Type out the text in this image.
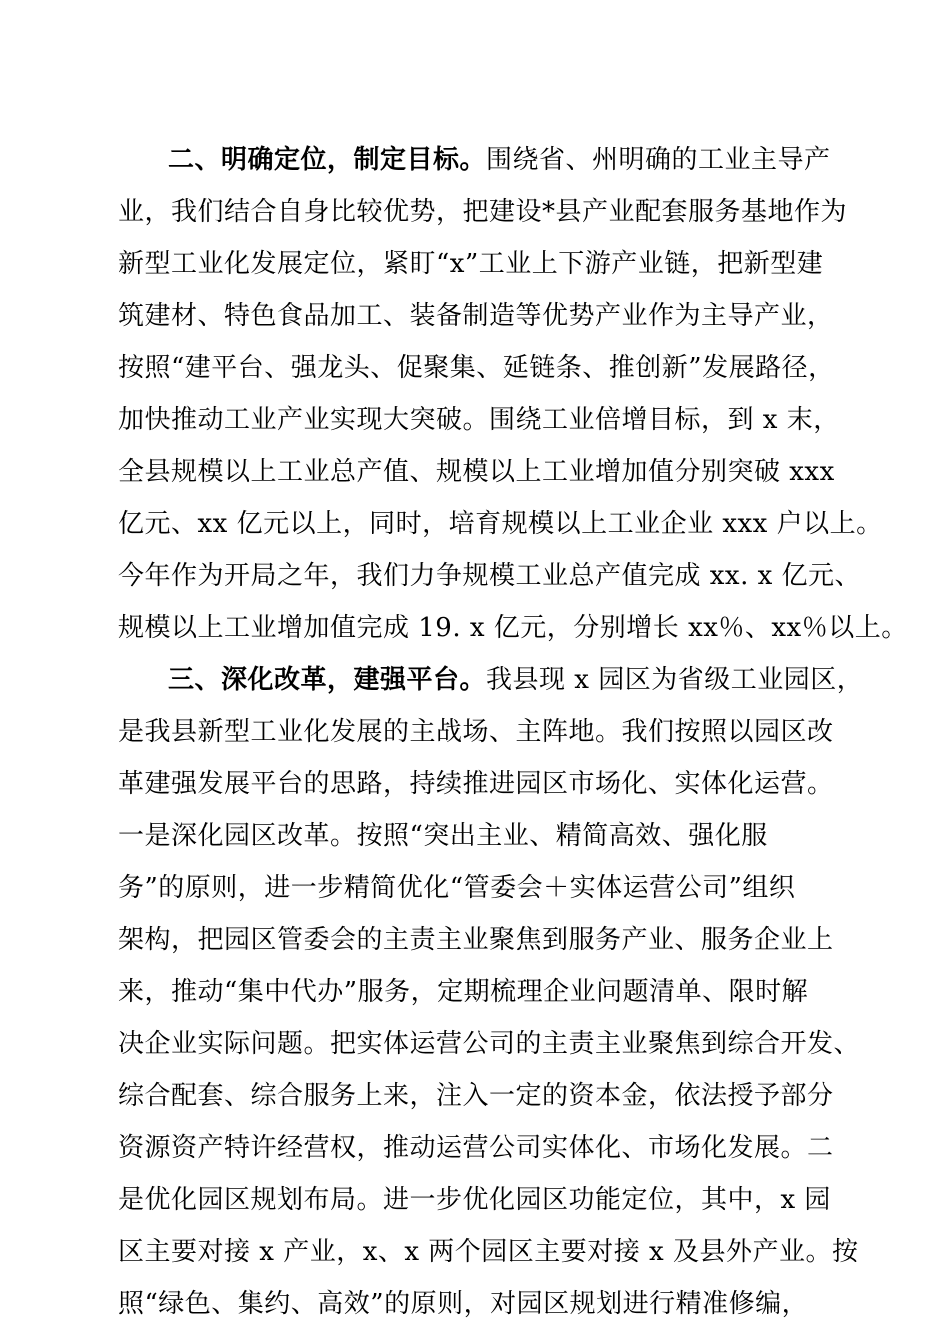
二、明确定位，制定目标。围绕省、州明确的工业主导产
业，我们结合自身比较优势，把建设*县产业配套服务基地作为
新型工业化发展定位，紧盯“x”工业上下游产业链，把新型建
筑建材、特色食品加工、装备制造等优势产业作为主导产业，
按照“建平台、强龙头、促聚集、延链条、推创新”发展路径，
加快推动工业产业实现大突破。围绕工业倍增目标，到 x 末，
全县规模以上工业总产值、规模以上工业增加值分别突破 xxx
亿元、xx 亿元以上，同时，培育规模以上工业企业 xxx 户以上。
今年作为开局之年，我们力争规模工业总产值完成 xx. x 亿元、
规模以上工业增加值完成 19. x 亿元，分别增长 xx％、xx％以上。
三、深化改革，建强平台。我县现 x 园区为省级工业园区，
是我县新型工业化发展的主战场、主阵地。我们按照以园区改
革建强发展平台的思路，持续推进园区市场化、实体化运营。
一是深化园区改革。按照“突出主业、精简高效、强化服
务”的原则，进一步精简优化“管委会＋实体运营公司”组织
架构，把园区管委会的主责主业聚焦到服务产业、服务企业上
来，推动“集中代办”服务，定期梳理企业问题清单、限时解
决企业实际问题。把实体运营公司的主责主业聚焦到综合开发、
综合配套、综合服务上来，注入一定的资本金，依法授予部分
资源资产特许经营权，推动运营公司实体化、市场化发展。二
是优化园区规划布局。进一步优化园区功能定位，其中，x 园
区主要对接 x 产业，x、x 两个园区主要对接 x 及县外产业。按
照“绿色、集约、高效”的原则，对园区规划进行精准修编，
